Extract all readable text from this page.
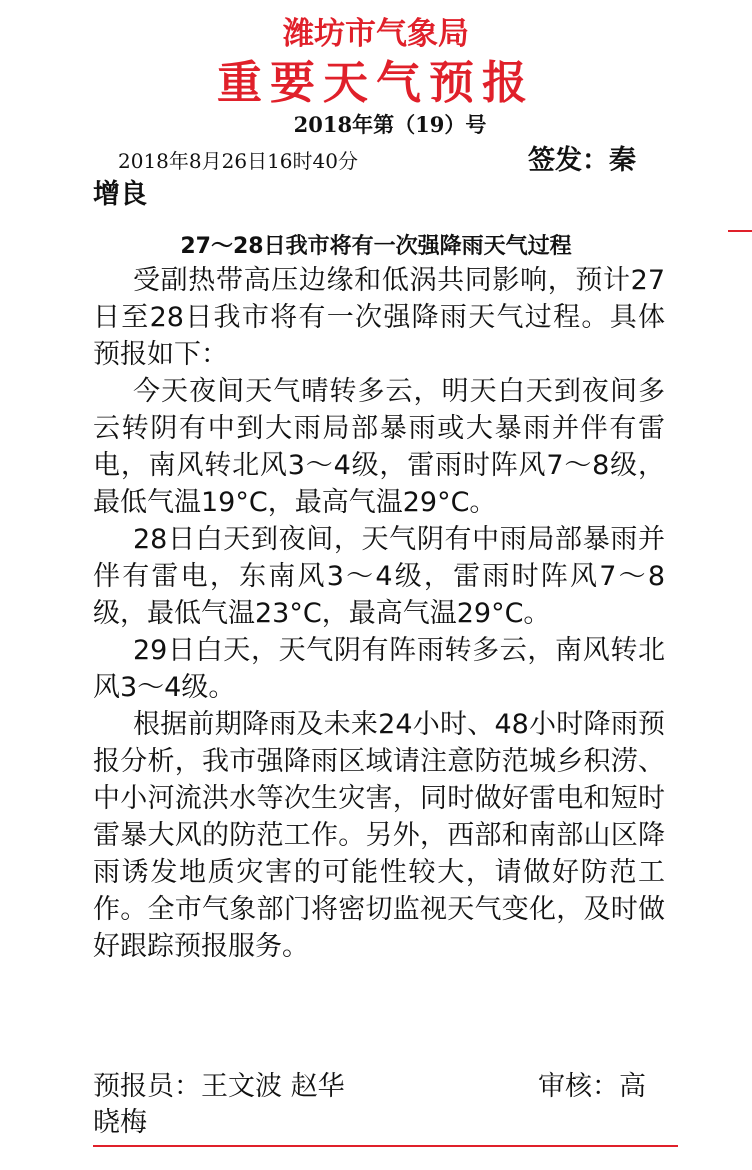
潍坊市气象局
重要天气预报
2018年第（19）号
2018年8月26日16时40分	签发：秦
增良
27～28日我市将有一次强降雨天气过程

受副热带高压边缘和低涡共同影响，预计27日至28日我市将有一次强降雨天气过程。具体预报如下：

今天夜间天气晴转多云，明天白天到夜间多云转阴有中到大雨局部暴雨或大暴雨并伴有雷电，南风转北风3～4级，雷雨时阵风7～8级，最低气温19°C，最高气温29°C。

28日白天到夜间，天气阴有中雨局部暴雨并伴有雷电，东南风3～4级，雷雨时阵风7～8级，最低气温23°C，最高气温29°C。

29日白天，天气阴有阵雨转多云，南风转北风3～4级。

根据前期降雨及未来24小时、48小时降雨预报分析，我市强降雨区域请注意防范城乡积涝、中小河流洪水等次生灾害，同时做好雷电和短时雷暴大风的防范工作。另外，西部和南部山区降雨诱发地质灾害的可能性较大，请做好防范工作。全市气象部门将密切监视天气变化，及时做好跟踪预报服务。

预报员：王文波 赵华	审核：高
晓梅
